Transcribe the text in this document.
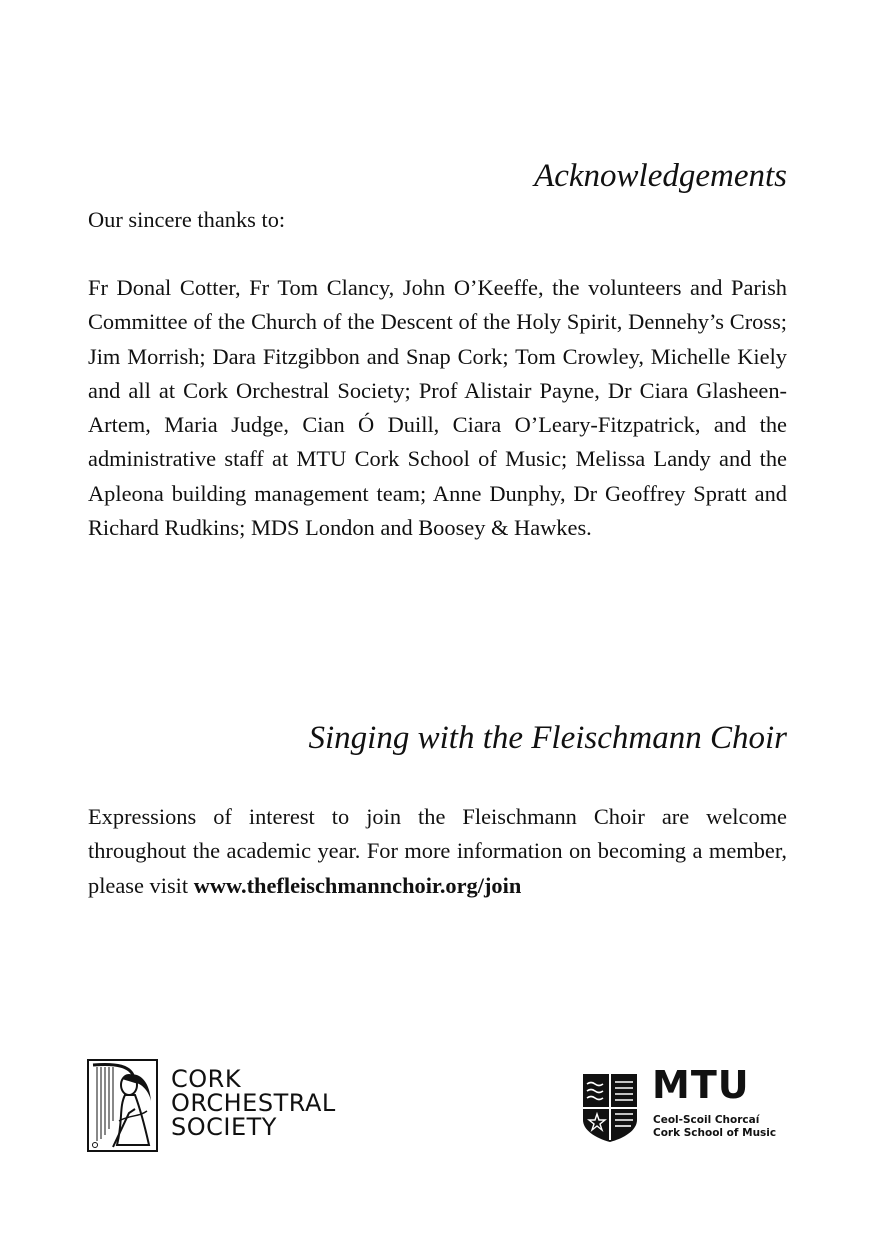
Acknowledgements

Our sincere thanks to:

Fr Donal Cotter, Fr Tom Clancy, John O’Keeffe, the volunteers and Parish Committee of the Church of the Descent of the Holy Spirit, Dennehy’s Cross; Jim Morrish; Dara Fitzgibbon and Snap Cork; Tom Crowley, Michelle Kiely and all at Cork Orchestral Society; Prof Alistair Payne, Dr Ciara Glasheen-Artem, Maria Judge, Cian Ó Duill, Ciara O’Leary-Fitzpatrick, and the administrative staff at MTU Cork School of Music; Melissa Landy and the Apleona building management team; Anne Dunphy, Dr Geoffrey Spratt and Richard Rudkins; MDS London and Boosey & Hawkes.

Singing with the Fleischmann Choir

Expressions of interest to join the Fleischmann Choir are welcome throughout the academic year. For more information on becoming a member, please visit www.thefleischmannchoir.org/join

CORK
ORCHESTRAL
SOCIETY
MTU
Ceol-Scoil Chorcaí
Cork School of Music
